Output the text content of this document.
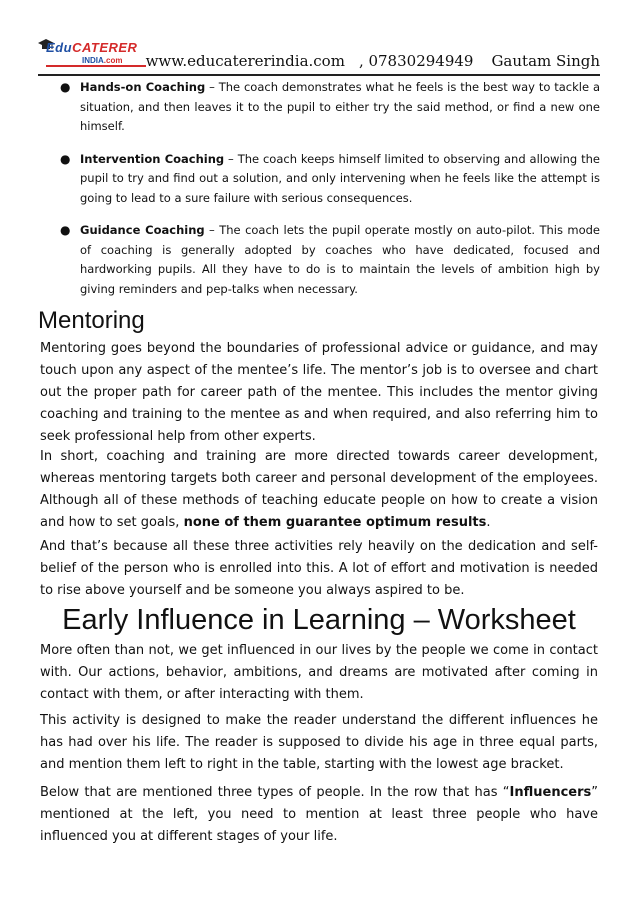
EduCATERER
INDIA.com www.educatererindia.com , 07830294949 Gautam Singh
● Hands-on Coaching – The coach demonstrates what he feels is the best way to tackle a situation, and then leaves it to the pupil to either try the said method, or find a new one himself.
● Intervention Coaching – The coach keeps himself limited to observing and allowing the pupil to try and find out a solution, and only intervening when he feels like the attempt is going to lead to a sure failure with serious consequences.
● Guidance Coaching – The coach lets the pupil operate mostly on auto-pilot. This mode of coaching is generally adopted by coaches who have dedicated, focused and hardworking pupils. All they have to do is to maintain the levels of ambition high by giving reminders and pep-talks when necessary.
Mentoring
Mentoring goes beyond the boundaries of professional advice or guidance, and may touch upon any aspect of the mentee’s life. The mentor’s job is to oversee and chart out the proper path for career path of the mentee. This includes the mentor giving coaching and training to the mentee as and when required, and also referring him to seek professional help from other experts.
In short, coaching and training are more directed towards career development, whereas mentoring targets both career and personal development of the employees. Although all of these methods of teaching educate people on how to create a vision and how to set goals, none of them guarantee optimum results.
And that’s because all these three activities rely heavily on the dedication and self-belief of the person who is enrolled into this. A lot of effort and motivation is needed to rise above yourself and be someone you always aspired to be.
Early Influence in Learning – Worksheet
More often than not, we get influenced in our lives by the people we come in contact with. Our actions, behavior, ambitions, and dreams are motivated after coming in contact with them, or after interacting with them.
This activity is designed to make the reader understand the different influences he has had over his life. The reader is supposed to divide his age in three equal parts, and mention them left to right in the table, starting with the lowest age bracket.
Below that are mentioned three types of people. In the row that has “Influencers” mentioned at the left, you need to mention at least three people who have influenced you at different stages of your life.
